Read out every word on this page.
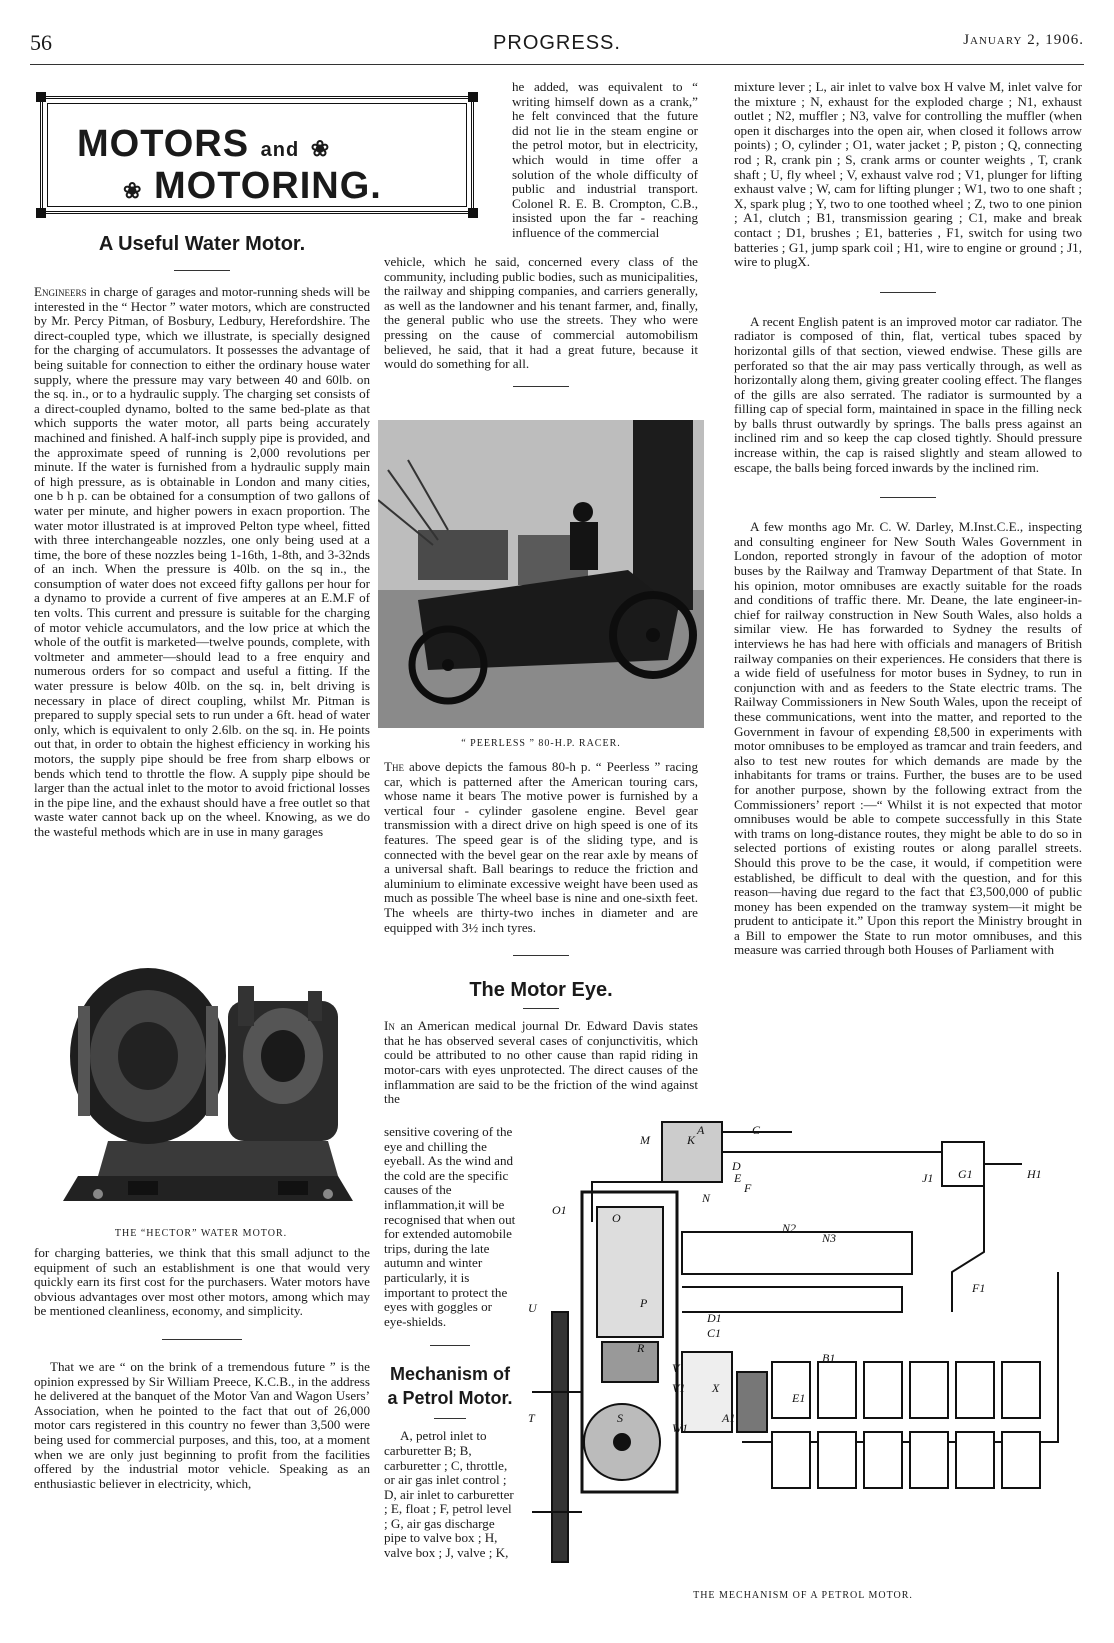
56	PROGRESS.	January 2, 1906.
MOTORS and ❀
❀ MOTORING.
A Useful Water Motor.

Engineers in charge of garages and motor-running sheds will be interested in the “ Hector ” water motors, which are constructed by Mr. Percy Pitman, of Bosbury, Ledbury, Herefordshire. The direct-coupled type, which we illustrate, is specially designed for the charging of accumulators. It possesses the advantage of being suitable for connection to either the ordinary house water supply, where the pressure may vary between 40 and 60lb. on the sq. in., or to a hydraulic supply. The charging set consists of a direct-coupled dynamo, bolted to the same bed-plate as that which supports the water motor, all parts being accurately machined and finished. A half-inch supply pipe is provided, and the approximate speed of running is 2,000 revolutions per minute. If the water is furnished from a hydraulic supply main of high pressure, as is obtainable in London and many cities, one b h p. can be obtained for a consumption of two gallons of water per minute, and higher powers in exacn proportion. The water motor illustrated is at improved Pelton type wheel, fitted with three interchangeable nozzles, one only being used at a time, the bore of these nozzles being 1-16th, 1-8th, and 3-32nds of an inch. When the pressure is 40lb. on the sq in., the consumption of water does not exceed fifty gallons per hour for a dynamo to provide a current of five amperes at an E.M.F of ten volts. This current and pressure is suitable for the charging of motor vehicle accumulators, and the low price at which the whole of the outfit is marketed—twelve pounds, complete, with voltmeter and ammeter—should lead to a free enquiry and numerous orders for so compact and useful a fitting. If the water pressure is below 40lb. on the sq. in, belt driving is necessary in place of direct coupling, whilst Mr. Pitman is prepared to supply special sets to run under a 6ft. head of water only, which is equivalent to only 2.6lb. on the sq. in. He points out that, in order to obtain the highest efficiency in working his motors, the supply pipe should be free from sharp elbows or bends which tend to throttle the flow. A supply pipe should be larger than the actual inlet to the motor to avoid frictional losses in the pipe line, and the exhaust should have a free outlet so that waste water cannot back up on the wheel. Knowing, as we do the wasteful methods which are in use in many garages

THE “HECTOR” WATER MOTOR.

for charging batteries, we think that this small adjunct to the equipment of such an establishment is one that would very quickly earn its first cost for the purchasers. Water motors have obvious advantages over most other motors, among which may be mentioned cleanliness, economy, and simplicity.

That we are “ on the brink of a tremendous future ” is the opinion expressed by Sir William Preece, K.C.B., in the address he delivered at the banquet of the Motor Van and Wagon Users’ Association, when he pointed to the fact that out of 26,000 motor cars registered in this country no fewer than 3,500 were being used for commercial purposes, and this, too, at a moment when we are only just beginning to profit from the facilities offered by the industrial motor vehicle. Speaking as an enthusiastic believer in electricity, which,

he added, was equivalent to “ writing himself down as a crank,” he felt convinced that the future did not lie in the steam engine or the petrol motor, but in electricity, which would in time offer a solution of the whole difficulty of public and industrial transport. Colonel R. E. B. Crompton, C.B., insisted upon the far - reaching influence of the commercial

vehicle, which he said, concerned every class of the community, including public bodies, such as municipalities, the railway and shipping companies, and carriers generally, as well as the landowner and his tenant farmer, and, finally, the general public who use the streets. They who were pressing on the cause of commercial automobilism believed, he said, that it had a great future, because it would do something for all.

“ PEERLESS ” 80-H.P. RACER.

The above depicts the famous 80-h p. “ Peerless ” racing car, which is patterned after the American touring cars, whose name it bears The motive power is furnished by a vertical four - cylinder gasolene engine. Bevel gear transmission with a direct drive on high speed is one of its features. The speed gear is of the sliding type, and is connected with the bevel gear on the rear axle by means of a universal shaft. Ball bearings to reduce the friction and aluminium to eliminate excessive weight have been used as much as possible The wheel base is nine and one-sixth feet. The wheels are thirty-two inches in diameter and are equipped with 3½ inch tyres.

The Motor Eye.

In an American medical journal Dr. Edward Davis states that he has observed several cases of conjunctivitis, which could be attributed to no other cause than rapid riding in motor-cars with eyes unprotected. The direct causes of the inflammation are said to be the friction of the wind against the

sensitive covering of the eye and chilling the eyeball. As the wind and the cold are the specific causes of the inflammation,it will be recognised that when out for extended automobile trips, during the late autumn and winter particularly, it is important to protect the eyes with goggles or eye-shields.

Mechanism of a Petrol Motor.

A, petrol inlet to carburetter B; B, carburetter ; C, throttle, or air gas inlet control ; D, air inlet to carburetter ; E, float ; F, petrol level ; G, air gas discharge pipe to valve box ; H, valve box ; J, valve ; K,

mixture lever ; L, air inlet to valve box H valve M, inlet valve for the mixture ; N, exhaust for the exploded charge ; N1, exhaust outlet ; N2, muffler ; N3, valve for controlling the muffler (when open it discharges into the open air, when closed it follows arrow points) ; O, cylinder ; O1, water jacket ; P, piston ; Q, connecting rod ; R, crank pin ; S, crank arms or counter weights , T, crank shaft ; U, fly wheel ; V, exhaust valve rod ; V1, plunger for lifting exhaust valve ; W, cam for lifting plunger ; W1, two to one shaft ; X, spark plug ; Y, two to one toothed wheel ; Z, two to one pinion ; A1, clutch ; B1, transmission gearing ; C1, make and break contact ; D1, brushes ; E1, batteries , F1, switch for using two batteries ; G1, jump spark coil ; H1, wire to engine or ground ; J1, wire to plugX.

A recent English patent is an improved motor car radiator. The radiator is composed of thin, flat, vertical tubes spaced by horizontal gills of that section, viewed endwise. These gills are perforated so that the air may pass vertically through, as well as horizontally along them, giving greater cooling effect. The flanges of the gills are also serrated. The radiator is surmounted by a filling cap of special form, maintained in space in the filling neck by balls thrust outwardly by springs. The balls press against an inclined rim and so keep the cap closed tightly. Should pressure increase within, the cap is raised slightly and steam allowed to escape, the balls being forced inwards by the inclined rim.

A few months ago Mr. C. W. Darley, M.Inst.C.E., inspecting and consulting engineer for New South Wales Government in London, reported strongly in favour of the adoption of motor buses by the Railway and Tramway Department of that State. In his opinion, motor omnibuses are exactly suitable for the roads and conditions of traffic there. Mr. Deane, the late engineer-in-chief for railway construction in New South Wales, also holds a similar view. He has forwarded to Sydney the results of interviews he has had here with officials and managers of British railway companies on their experiences. He considers that there is a wide field of usefulness for motor buses in Sydney, to run in conjunction with and as feeders to the State electric trams. The Railway Commissioners in New South Wales, upon the receipt of these communications, went into the matter, and reported to the Government in favour of expending £8,500 in experiments with motor omnibuses to be employed as tramcar and train feeders, and also to test new routes for which demands are made by the inhabitants for trams or trains. Further, the buses are to be used for another purpose, shown by the following extract from the Commissioners’ report :—“ Whilst it is not expected that motor omnibuses would be able to compete successfully in this State with trams on long-distance routes, they might be able to do so in selected portions of existing routes or along parallel streets. Should this prove to be the case, it would, if competition were established, be difficult to deal with the question, and for this reason—having due regard to the fact that £3,500,000 of public money has been expended on the tramway system—it might be prudent to anticipate it.” Upon this report the Ministry brought in a Bill to empower the State to run motor omnibuses, and this measure was carried through both Houses of Parliament with

A	C
K
M
D
E
F
O1
O
N
J1 G1	H1
N2
N3
V
V1
U
T
F1
D1
C1
B1
R
W1
S
X
E1
A1
P
THE MECHANISM OF A PETROL MOTOR.
